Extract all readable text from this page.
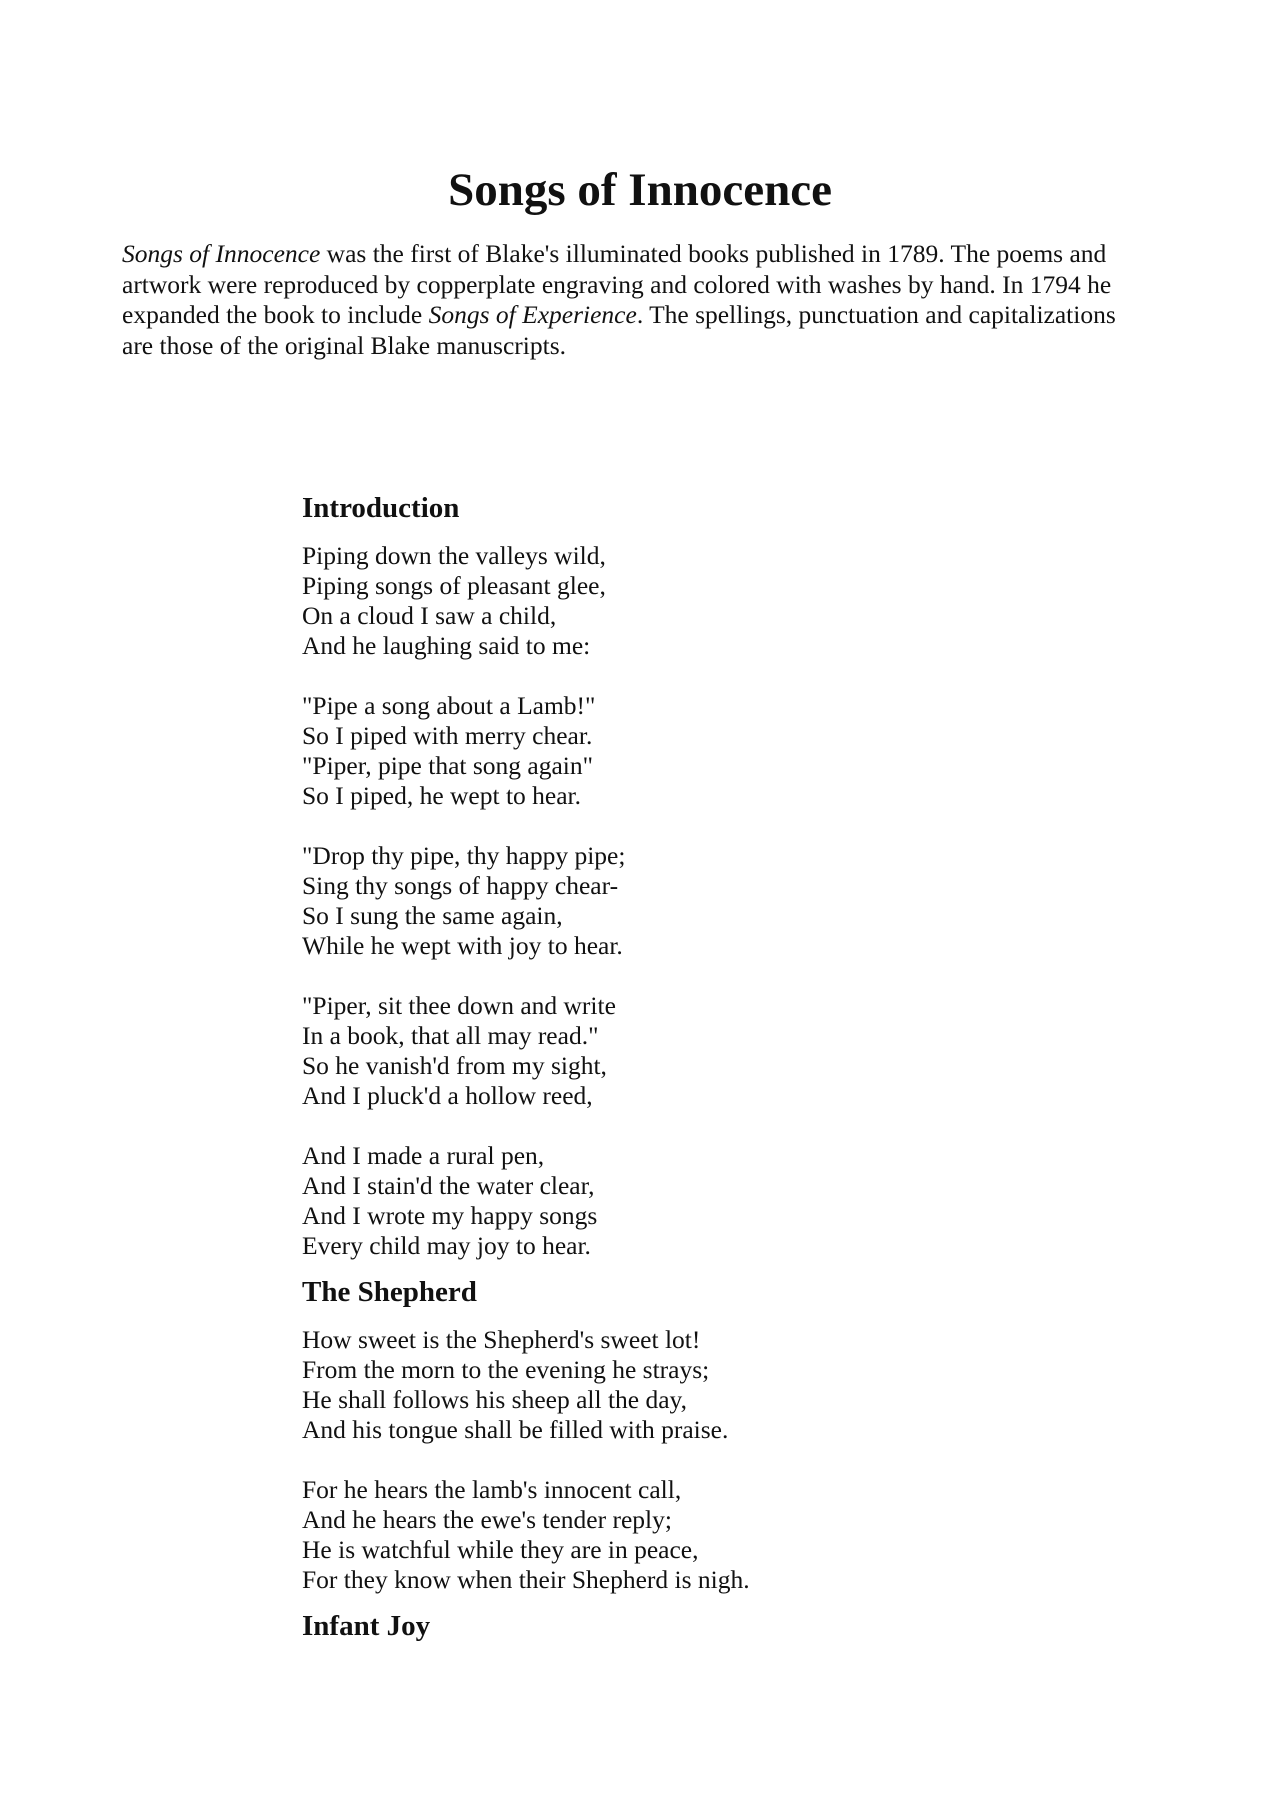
Songs of Innocence

Songs of Innocence was the first of Blake's illuminated books published in 1789. The poems and artwork were reproduced by copperplate engraving and colored with washes by hand. In 1794 he expanded the book to include Songs of Experience. The spellings, punctuation and capitalizations are those of the original Blake manuscripts.

Introduction
Piping down the valleys wild,
Piping songs of pleasant glee,
On a cloud I saw a child,
And he laughing said to me:
"Pipe a song about a Lamb!"
So I piped with merry chear.
"Piper, pipe that song again"
So I piped, he wept to hear.
"Drop thy pipe, thy happy pipe;
Sing thy songs of happy chear-
So I sung the same again,
While he wept with joy to hear.
"Piper, sit thee down and write
In a book, that all may read."
So he vanish'd from my sight,
And I pluck'd a hollow reed,
And I made a rural pen,
And I stain'd the water clear,
And I wrote my happy songs
Every child may joy to hear.
The Shepherd
How sweet is the Shepherd's sweet lot!
From the morn to the evening he strays;
He shall follows his sheep all the day,
And his tongue shall be filled with praise.
For he hears the lamb's innocent call,
And he hears the ewe's tender reply;
He is watchful while they are in peace,
For they know when their Shepherd is nigh.
Infant Joy
